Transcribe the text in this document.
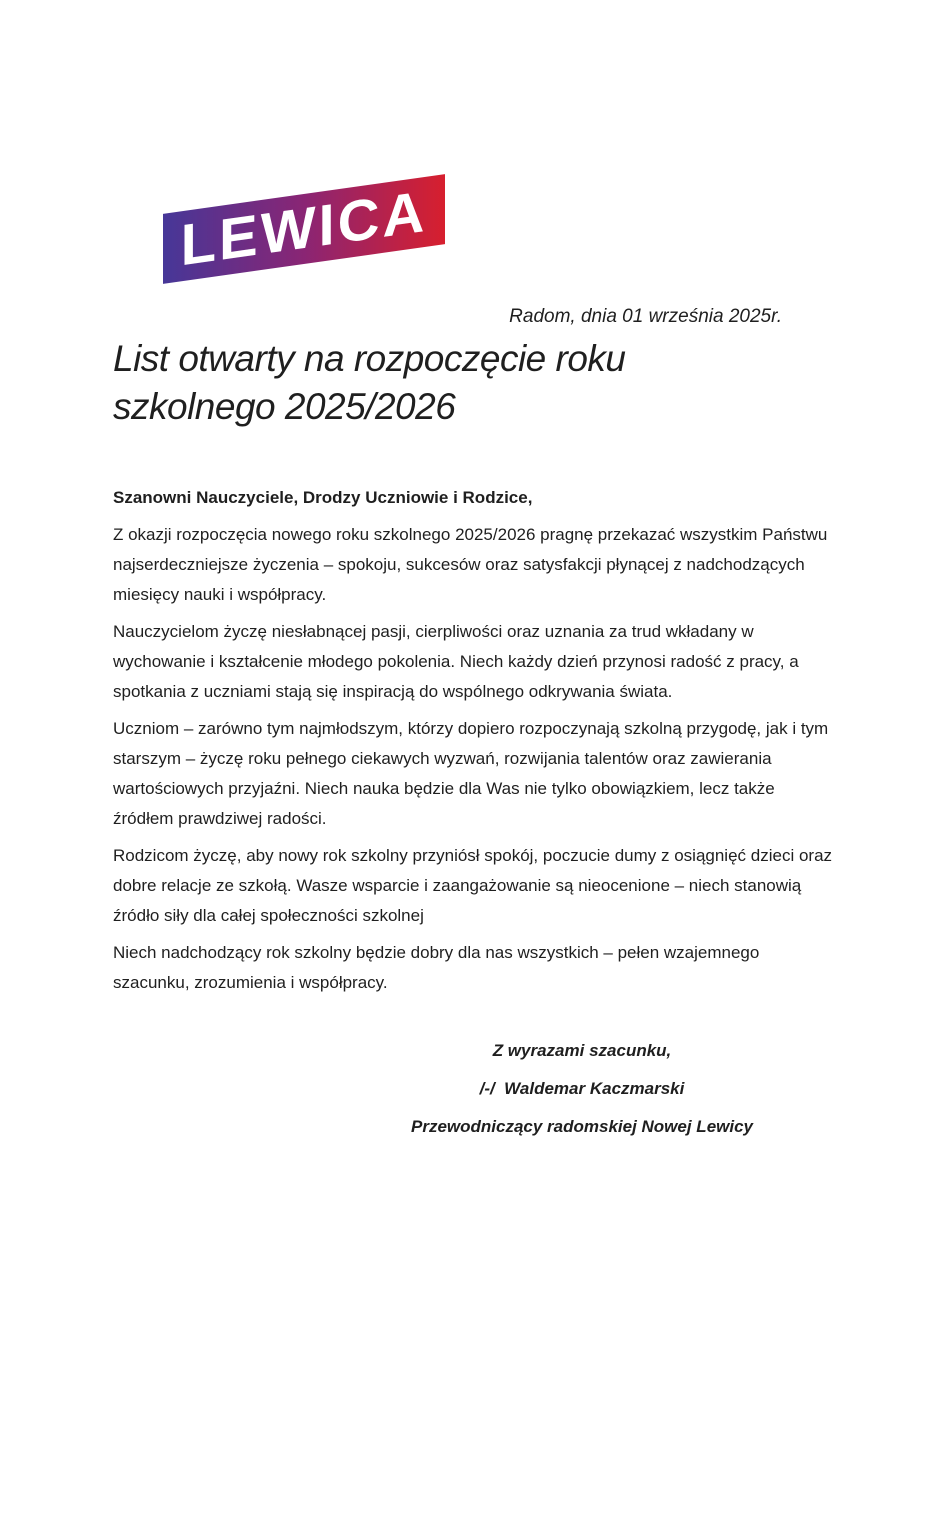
LEWICA

Radom, dnia 01 września 2025r.

List otwarty na rozpoczęcie roku szkolnego 2025/2026

Szanowni Nauczyciele, Drodzy Uczniowie i Rodzice,

Z okazji rozpoczęcia nowego roku szkolnego 2025/2026 pragnę przekazać wszystkim Państwu najserdeczniejsze życzenia – spokoju, sukcesów oraz satysfakcji płynącej z nadchodzących miesięcy nauki i współpracy.

Nauczycielom życzę niesłabnącej pasji, cierpliwości oraz uznania za trud wkładany w wychowanie i kształcenie młodego pokolenia. Niech każdy dzień przynosi radość z pracy, a spotkania z uczniami stają się inspiracją do wspólnego odkrywania świata.

Uczniom – zarówno tym najmłodszym, którzy dopiero rozpoczynają szkolną przygodę, jak i tym starszym – życzę roku pełnego ciekawych wyzwań, rozwijania talentów oraz zawierania wartościowych przyjaźni. Niech nauka będzie dla Was nie tylko obowiązkiem, lecz także źródłem prawdziwej radości.

Rodzicom życzę, aby nowy rok szkolny przyniósł spokój, poczucie dumy z osiągnięć dzieci oraz dobre relacje ze szkołą. Wasze wsparcie i zaangażowanie są nieocenione – niech stanowią źródło siły dla całej społeczności szkolnej

Niech nadchodzący rok szkolny będzie dobry dla nas wszystkich – pełen wzajemnego szacunku, zrozumienia i współpracy.

Z wyrazami szacunku,

/-/  Waldemar Kaczmarski

Przewodniczący radomskiej Nowej Lewicy
